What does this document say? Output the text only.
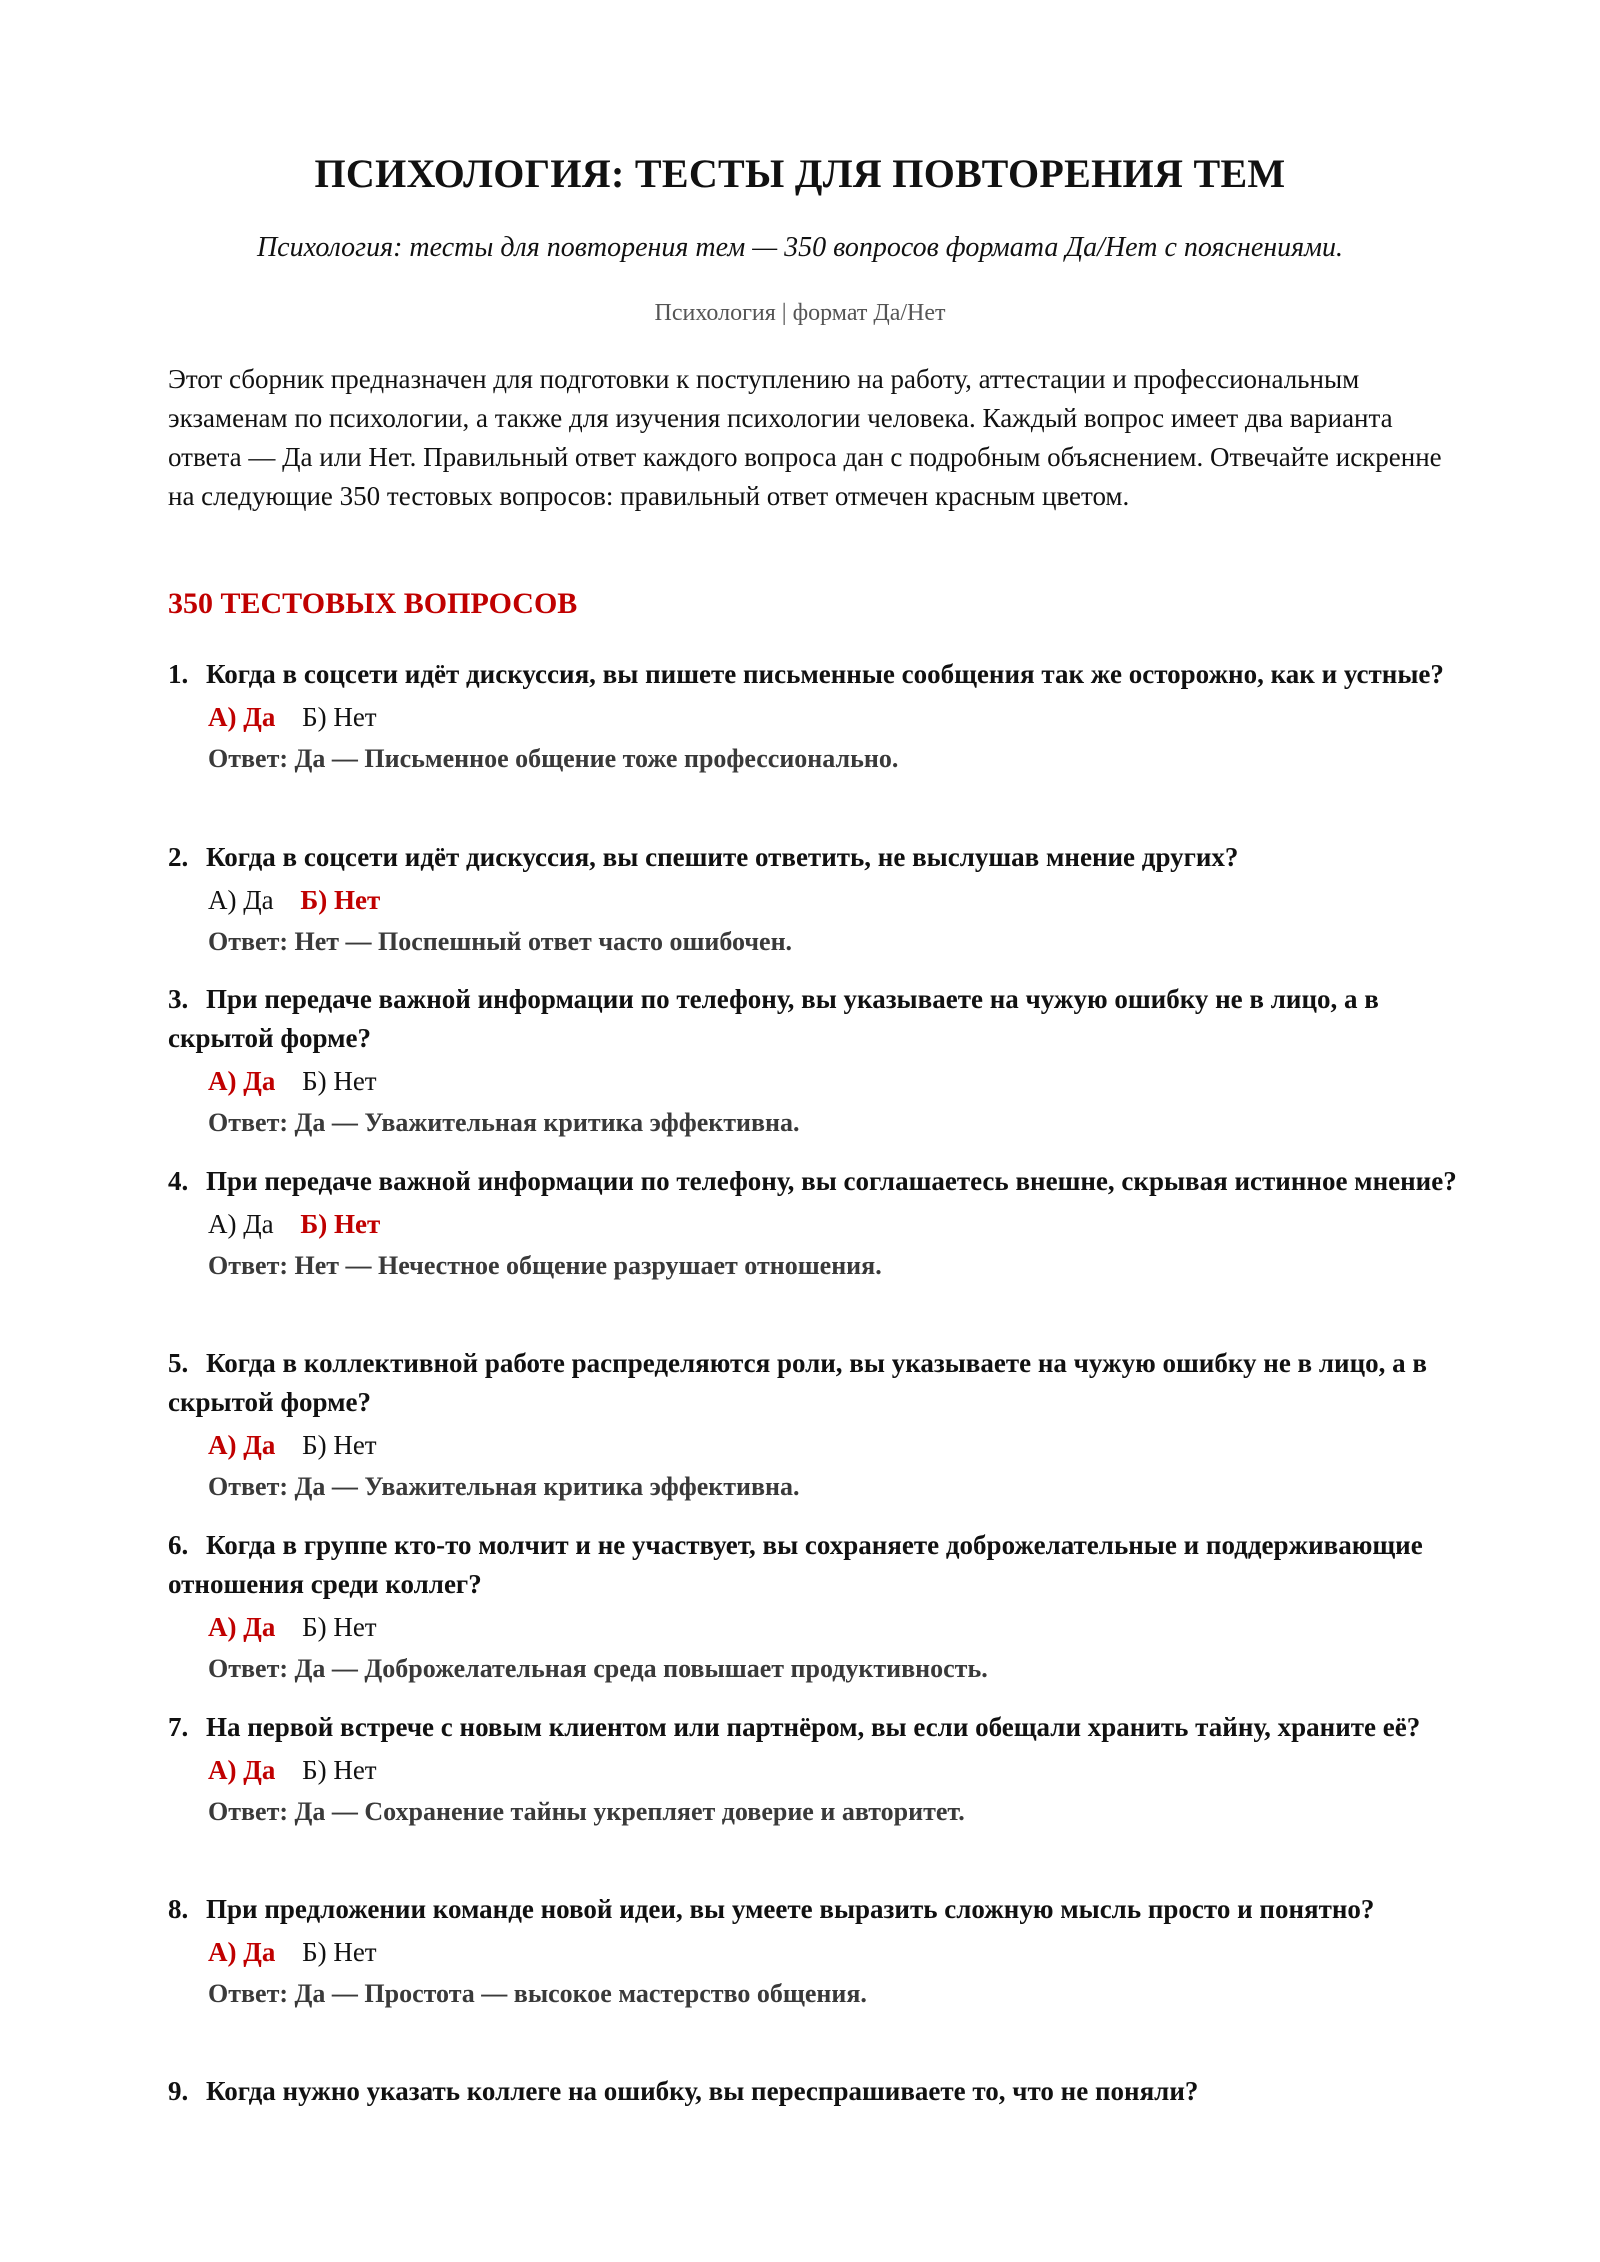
ПСИХОЛОГИЯ: ТЕСТЫ ДЛЯ ПОВТОРЕНИЯ ТЕМ
Психология: тесты для повторения тем — 350 вопросов формата Да/Нет с пояснениями.
Психология | формат Да/Нет
Этот сборник предназначен для подготовки к поступлению на работу, аттестации и профессиональным экзаменам по психологии, а также для изучения психологии человека. Каждый вопрос имеет два варианта ответа — Да или Нет. Правильный ответ каждого вопроса дан с подробным объяснением. Отвечайте искренне на следующие 350 тестовых вопросов: правильный ответ отмечен красным цветом.
350 ТЕСТОВЫХ ВОПРОСОВ

1. Когда в соцсети идёт дискуссия, вы пишете письменные сообщения так же осторожно, как и устные?

А) Да Б) Нет
Ответ: Да — Письменное общение тоже профессионально.

2. Когда в соцсети идёт дискуссия, вы спешите ответить, не выслушав мнение других?

А) Да Б) Нет
Ответ: Нет — Поспешный ответ часто ошибочен.

3. При передаче важной информации по телефону, вы указываете на чужую ошибку не в лицо, а в скрытой форме?

А) Да Б) Нет
Ответ: Да — Уважительная критика эффективна.

4. При передаче важной информации по телефону, вы соглашаетесь внешне, скрывая истинное мнение?

А) Да Б) Нет
Ответ: Нет — Нечестное общение разрушает отношения.

5. Когда в коллективной работе распределяются роли, вы указываете на чужую ошибку не в лицо, а в скрытой форме?

А) Да Б) Нет
Ответ: Да — Уважительная критика эффективна.

6. Когда в группе кто-то молчит и не участвует, вы сохраняете доброжелательные и поддерживающие отношения среди коллег?

А) Да Б) Нет
Ответ: Да — Доброжелательная среда повышает продуктивность.

7. На первой встрече с новым клиентом или партнёром, вы если обещали хранить тайну, храните её?

А) Да Б) Нет
Ответ: Да — Сохранение тайны укрепляет доверие и авторитет.

8. При предложении команде новой идеи, вы умеете выразить сложную мысль просто и понятно?

А) Да Б) Нет
Ответ: Да — Простота — высокое мастерство общения.

9. Когда нужно указать коллеге на ошибку, вы переспрашиваете то, что не поняли?
